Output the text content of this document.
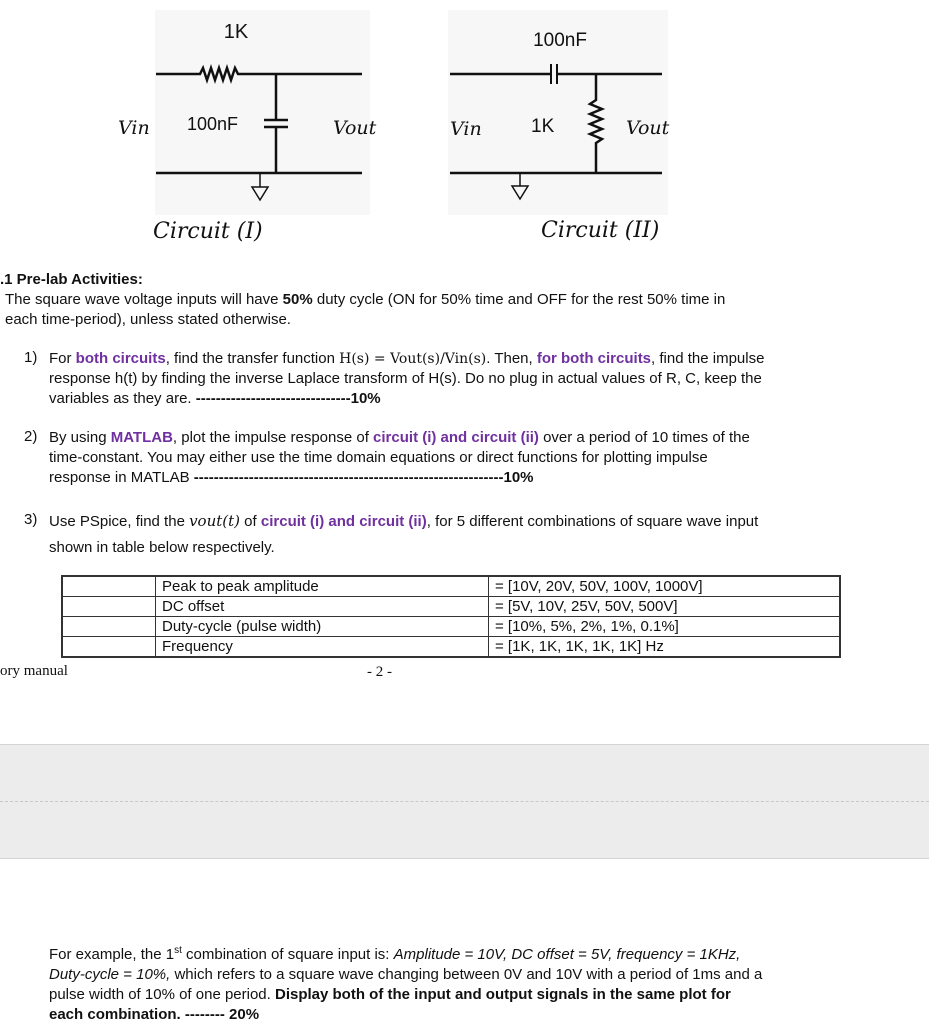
1K
100nF
Vin	Vout
Circuit (I)
100nF
1K
Vin	Vout
Circuit (II)
.1 Pre-lab Activities:
The square wave voltage inputs will have 50% duty cycle (ON for 50% time and OFF for the rest 50% time in
each time-period), unless stated otherwise.
1) For both circuits, find the transfer function H(s) = Vout(s)/Vin(s). Then, for both circuits, find the impulse
response h(t) by finding the inverse Laplace transform of H(s). Do no plug in actual values of R, C, keep the
variables as they are. -------------------------------10%
2) By using MATLAB, plot the impulse response of circuit (i) and circuit (ii) over a period of 10 times of the
time-constant. You may either use the time domain equations or direct functions for plotting impulse
response in MATLAB --------------------------------------------------------------10%
3) Use PSpice, find the vout(t) of circuit (i) and circuit (ii), for 5 different combinations of square wave input
shown in table below respectively.
	Peak to peak amplitude	= [10V, 20V, 50V, 100V, 1000V]
	DC offset	= [5V, 10V, 25V, 50V, 500V]
	Duty-cycle (pulse width)	= [10%, 5%, 2%, 1%, 0.1%]
	Frequency	= [1K, 1K, 1K, 1K, 1K] Hz
ory manual	- 2 -
For example, the 1st combination of square input is: Amplitude = 10V, DC offset = 5V, frequency = 1KHz,
Duty-cycle = 10%, which refers to a square wave changing between 0V and 10V with a period of 1ms and a
pulse width of 10% of one period. Display both of the input and output signals in the same plot for
each combination. -------- 20%
